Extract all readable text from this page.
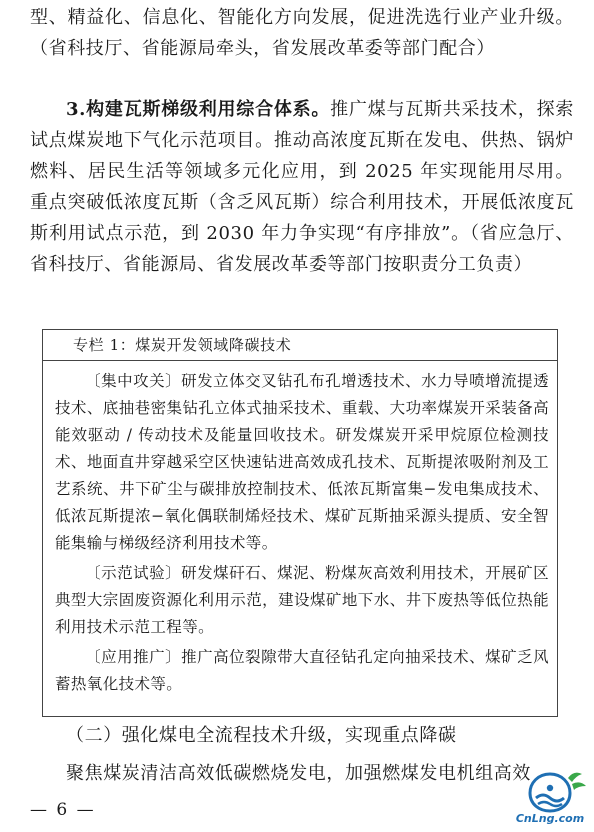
型、精益化、信息化、智能化方向发展，促进洗选行业产业升级。（省科技厅、省能源局牵头，省发展改革委等部门配合）

3.构建瓦斯梯级利用综合体系。推广煤与瓦斯共采技术，探索试点煤炭地下气化示范项目。推动高浓度瓦斯在发电、供热、锅炉燃料、居民生活等领域多元化应用，到 2025 年实现能用尽用。重点突破低浓度瓦斯（含乏风瓦斯）综合利用技术，开展低浓度瓦斯利用试点示范，到 2030 年力争实现“有序排放”。（省应急厅、省科技厅、省能源局、省发展改革委等部门按职责分工负责）

专栏 1：煤炭开发领域降碳技术

〔集中攻关〕研发立体交叉钻孔布孔增透技术、水力导喷增流提透技术、底抽巷密集钻孔立体式抽采技术、重载、大功率煤炭开采装备高能效驱动 / 传动技术及能量回收技术。研发煤炭开采甲烷原位检测技术、地面直井穿越采空区快速钻进高效成孔技术、瓦斯提浓吸附剂及工艺系统、井下矿尘与碳排放控制技术、低浓瓦斯富集−发电集成技术、低浓瓦斯提浓−氧化偶联制烯烃技术、煤矿瓦斯抽采源头提质、安全智能集输与梯级经济利用技术等。

〔示范试验〕研发煤矸石、煤泥、粉煤灰高效利用技术，开展矿区典型大宗固废资源化利用示范，建设煤矿地下水、井下废热等低位热能利用技术示范工程等。

〔应用推广〕推广高位裂隙带大直径钻孔定向抽采技术、煤矿乏风蓄热氧化技术等。

（二）强化煤电全流程技术升级，实现重点降碳

聚焦煤炭清洁高效低碳燃烧发电，加强燃煤发电机组高效

— 6 —	CnLng.com
